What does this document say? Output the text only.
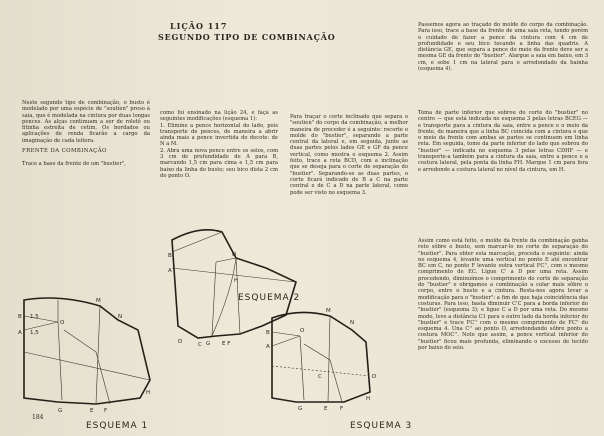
LIÇÃO 117
SEGUNDO TIPO DE COMBINAÇÃO

Passemos agora ao traçado do molde do corpo da combinação. Para isso, trace a base da frente de uma saia reta, tendo porém o cuidado de fazer a pence da cintura com 4 cm de profundidade e seu bico tocando a linha das quadris. A distância GE, que separa a pence do meio da frente deve ser a mesma GE da frente do "bustier". Alargue a saia em baixo, em 3 cm, e sobe 1 cm na lateral para o arredondado da bainha (esquema 4).

Neste segundo tipo de combinação, o busto é modelado por uma espécie de "soutien" preso à saia, que é modelada na cintura por duas longas pences. As alças continuam a ser de roletê ou fitinha estreita de cetim. Os bordados ou aplicações de renda ficarão a cargo da imaginação de cada leitora.

FRENTE DA COMBINAÇÃO

Trace a base da frente de um "bustier",

como foi ensinado na lição 24, e faça as seguintes modificações (esquema 1):
1. Elimine a pence horizontal do lado, pois transporte de pences, de maneira a abrir ainda mais a pence invertida do decote: de N a M.
2. Abra uma nova pence entre os seios, com 3 cm de profundidade de A para B, marcando 1,5 cm para cima e 1,5 cm para baixo da linha do busto; seu bico dista 2 cm do ponto O.

Para traçar o corte inclinado que separa o "soutien" do corpo da combinação, a melhor maneira de proceder é a seguinte: recorte o molde do "bustier", separando a parte central da lateral e, em seguida, junte as duas partes pelos lados GE e GF da pence vertical, como mostra o esquema 2. Assim feito, trace a reta BCD, com a inclinação que se deseja para o corte de separação do "bustier". Separando-se as duas partes, o corte ficará indicado de B a C na parte central e de C a D na parte lateral, como pode ser visto no esquema 3.

Toma de parte inferior que sobrou do corte do "bustier" no centro — que está indicada no esquema 3 pelas letras BCEG — e transporte para a cintura da saia, entre a pence e o meio da frente, de maneira que a linha BC coincida com a cintura e que o meio da frente com ambas as partes se continuem em linha reta. Em seguida, tome da parte inferior do lado que sobrou do "bustier" — indicada no esquema 3 pelas letras CDHF — e transporte-a também para a cintura da saia, entre a pence e a costura lateral, pela ponta da linha FH. Marque 1 cm para fora e arredonde a costura lateral no nível da cintura, em H.

Assim como está feito, o molde da frente da combinação ganha reto sôbre o busto, sem marcar-lo no corte de separação do "bustier". Para obter esta marcação, proceda o seguinte: ainda no esquema 4, levante uma vertical no ponto E até encontrar BC em C, no ponto F levante outra vertical FC'', com o mesmo comprimento de EC. Ligue C' a D por uma reta. Assim procedendo, diminuímos o comprimento do corte de separação do "bustier" e obrigamos a combinação a colar mais sôbre o corpo, entre o busto e a cintura. Resta-nos agora levar a modificação para o "bustier": a fim de que haja coincidência das costuras. Para isso, basta diminuir C'C para a borda inferior do "bustier" (esquema 3); e ligue C a D por uma reta. Do mesmo modo, leve a distância C1 para o outro lado da borda inferior do "bustier" e trace FC'' com o mesmo comprimento de FC'' do esquema 4. Una C'' ao ponto O, arredondando sôbre ponto a costura MOC''. Note que assim, a pence vertical inferior do "bustier" ficou mais profunda, eliminando o excesso de tecido por baixo do seio.

184
B
A
O
G E F
C
D
H
ESQUEMA 2
B
A
1,5
1,5
O
M
N
H
G	E F
ESQUEMA 1
B
A
O
M
N
C	D
G	E F
H
ESQUEMA 3
